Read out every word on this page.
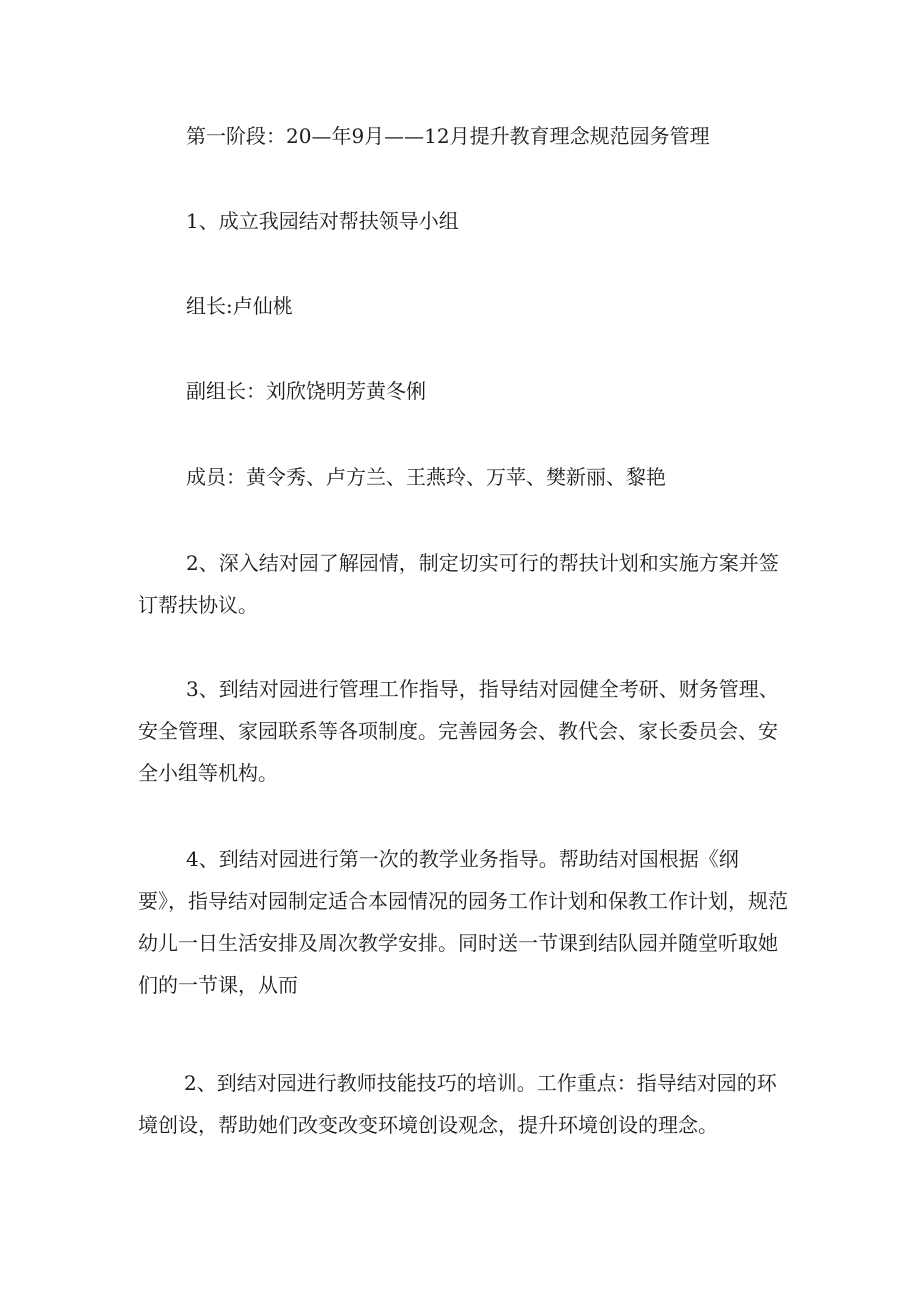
第一阶段：20—年9月——12月提升教育理念规范园务管理

1、成立我园结对帮扶领导小组

组长:卢仙桃

副组长：刘欣饶明芳黄冬俐

成员：黄令秀、卢方兰、王燕玲、万苹、樊新丽、黎艳

2、深入结对园了解园情，制定切实可行的帮扶计划和实施方案并签订帮扶协议。

3、到结对园进行管理工作指导，指导结对园健全考研、财务管理、安全管理、家园联系等各项制度。完善园务会、教代会、家长委员会、安全小组等机构。

4、到结对园进行第一次的教学业务指导。帮助结对国根据《纲要》，指导结对园制定适合本园情况的园务工作计划和保教工作计划，规范幼儿一日生活安排及周次教学安排。同时送一节课到结队园并随堂听取她们的一节课，从而

2、到结对园进行教师技能技巧的培训。工作重点：指导结对园的环境创设，帮助她们改变改变环境创设观念，提升环境创设的理念。
